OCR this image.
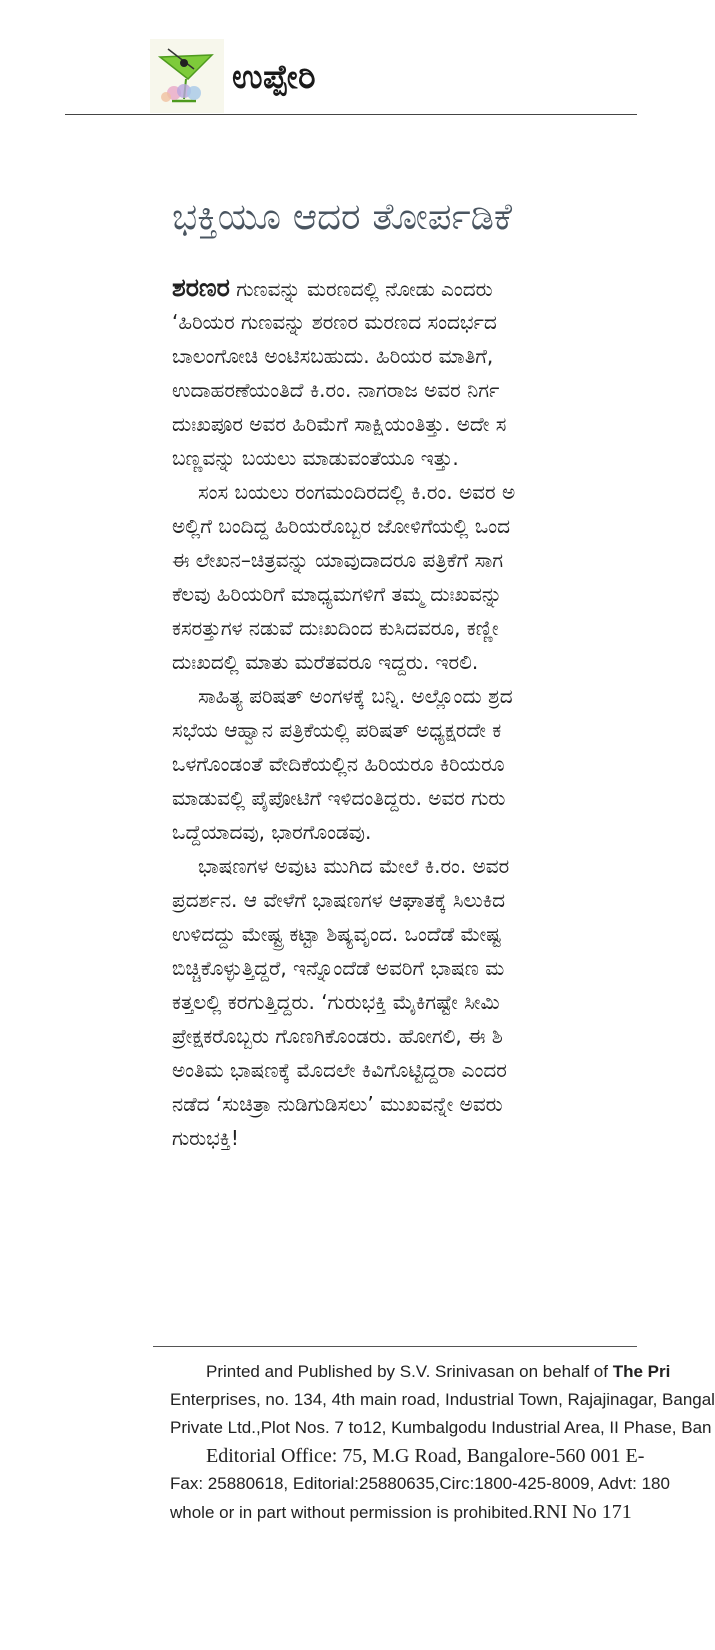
ಉಪ್ಪೇರಿ
ಭಕ್ತಿಯೂ ಆದರ ತೋರ್ಪಡಿಕೆ
ಶರಣರ ಗುಣವನ್ನು ಮರಣದಲ್ಲಿ ನೋಡು ಎಂದರು
‘ಹಿರಿಯರ ಗುಣವನ್ನು ಶರಣರ ಮರಣದ ಸಂದರ್ಭದ
ಬಾಲಂಗೋಚಿ ಅಂಟಿಸಬಹುದು. ಹಿರಿಯರ ಮಾತಿಗೆ,
ಉದಾಹರಣೆಯಂತಿದೆ ಕಿ.ರಂ. ನಾಗರಾಜ ಅವರ ನಿರ್ಗ
ದುಃಖಪೂರ ಅವರ ಹಿರಿಮೆಗೆ ಸಾಕ್ಷಿಯಂತಿತ್ತು. ಅದೇ ಸ
ಬಣ್ಣವನ್ನು ಬಯಲು ಮಾಡುವಂತೆಯೂ ಇತ್ತು.
ಸಂಸ ಬಯಲು ರಂಗಮಂದಿರದಲ್ಲಿ ಕಿ.ರಂ. ಅವರ ಅ
ಅಲ್ಲಿಗೆ ಬಂದಿದ್ದ ಹಿರಿಯರೊಬ್ಬರ ಜೋಳಿಗೆಯಲ್ಲಿ ಒಂದ
ಈ ಲೇಖನ–ಚಿತ್ರವನ್ನು ಯಾವುದಾದರೂ ಪತ್ರಿಕೆಗೆ ಸಾಗ
ಕೆಲವು ಹಿರಿಯರಿಗೆ ಮಾಧ್ಯಮಗಳಿಗೆ ತಮ್ಮ ದುಃಖವನ್ನು
ಕಸರತ್ತುಗಳ ನಡುವೆ ದುಃಖದಿಂದ ಕುಸಿದವರೂ, ಕಣ್ಣೀ
ದುಃಖದಲ್ಲಿ ಮಾತು ಮರೆತವರೂ ಇದ್ದರು. ಇರಲಿ.
ಸಾಹಿತ್ಯ ಪರಿಷತ್ ಅಂಗಳಕ್ಕೆ ಬನ್ನಿ. ಅಲ್ಲೊಂದು ಶ್ರದ
ಸಭೆಯ ಆಹ್ವಾನ ಪತ್ರಿಕೆಯಲ್ಲಿ ಪರಿಷತ್ ಅಧ್ಯಕ್ಷರದೇ ಕ
ಒಳಗೊಂಡಂತೆ ವೇದಿಕೆಯಲ್ಲಿನ ಹಿರಿಯರೂ ಕಿರಿಯರೂ
ಮಾಡುವಲ್ಲಿ ಪೈಪೋಟಿಗೆ ಇಳಿದಂತಿದ್ದರು. ಅವರ ಗುರು
ಒದ್ದೆಯಾದವು, ಭಾರಗೊಂಡವು.
ಭಾಷಣಗಳ ಅವುಟ ಮುಗಿದ ಮೇಲೆ ಕಿ.ರಂ. ಅವರ
ಪ್ರದರ್ಶನ. ಆ ವೇಳೆಗೆ ಭಾಷಣಗಳ ಆಘಾತಕ್ಕೆ ಸಿಲುಕಿದ
ಉಳಿದದ್ದು ಮೇಷ್ಟ್ರ ಕಟ್ಟಾ ಶಿಷ್ಯವೃಂದ. ಒಂದೆಡೆ ಮೇಷ್ಟ
ಬಿಚ್ಚಿಕೊಳ್ಳುತ್ತಿದ್ದರೆ, ಇನ್ನೊಂದೆಡೆ ಅವರಿಗೆ ಭಾಷಣ ಮ
ಕತ್ತಲಲ್ಲಿ ಕರಗುತ್ತಿದ್ದರು. ‘ಗುರುಭಕ್ತಿ ಮೈಕಿಗಷ್ಟೇ ಸೀಮಿ
ಪ್ರೇಕ್ಷಕರೊಬ್ಬರು ಗೊಣಗಿಕೊಂಡರು. ಹೋಗಲಿ, ಈ ಶಿ
ಅಂತಿಮ ಭಾಷಣಕ್ಕೆ ಮೊದಲೇ ಕಿವಿಗೊಟ್ಟಿದ್ದರಾ ಎಂದರ
ನಡೆದ ‘ಸುಚಿತ್ರಾ ನುಡಿಗುಡಿಸಲು’ ಮುಖವನ್ನೇ ಅವರು
ಗುರುಭಕ್ತಿ!
Printed and Published by S.V. Srinivasan on behalf of The Pri
Enterprises, no. 134, 4th main road, Industrial Town, Rajajinagar, Bangal
Private Ltd.,Plot Nos. 7 to12, Kumbalgodu Industrial Area, II Phase, Ban
Editorial Office: 75, M.G Road, Bangalore-560 001 E-
Fax: 25880618, Editorial:25880635,Circ:1800-425-8009, Advt: 180
whole or in part without permission is prohibited.RNI No 171
